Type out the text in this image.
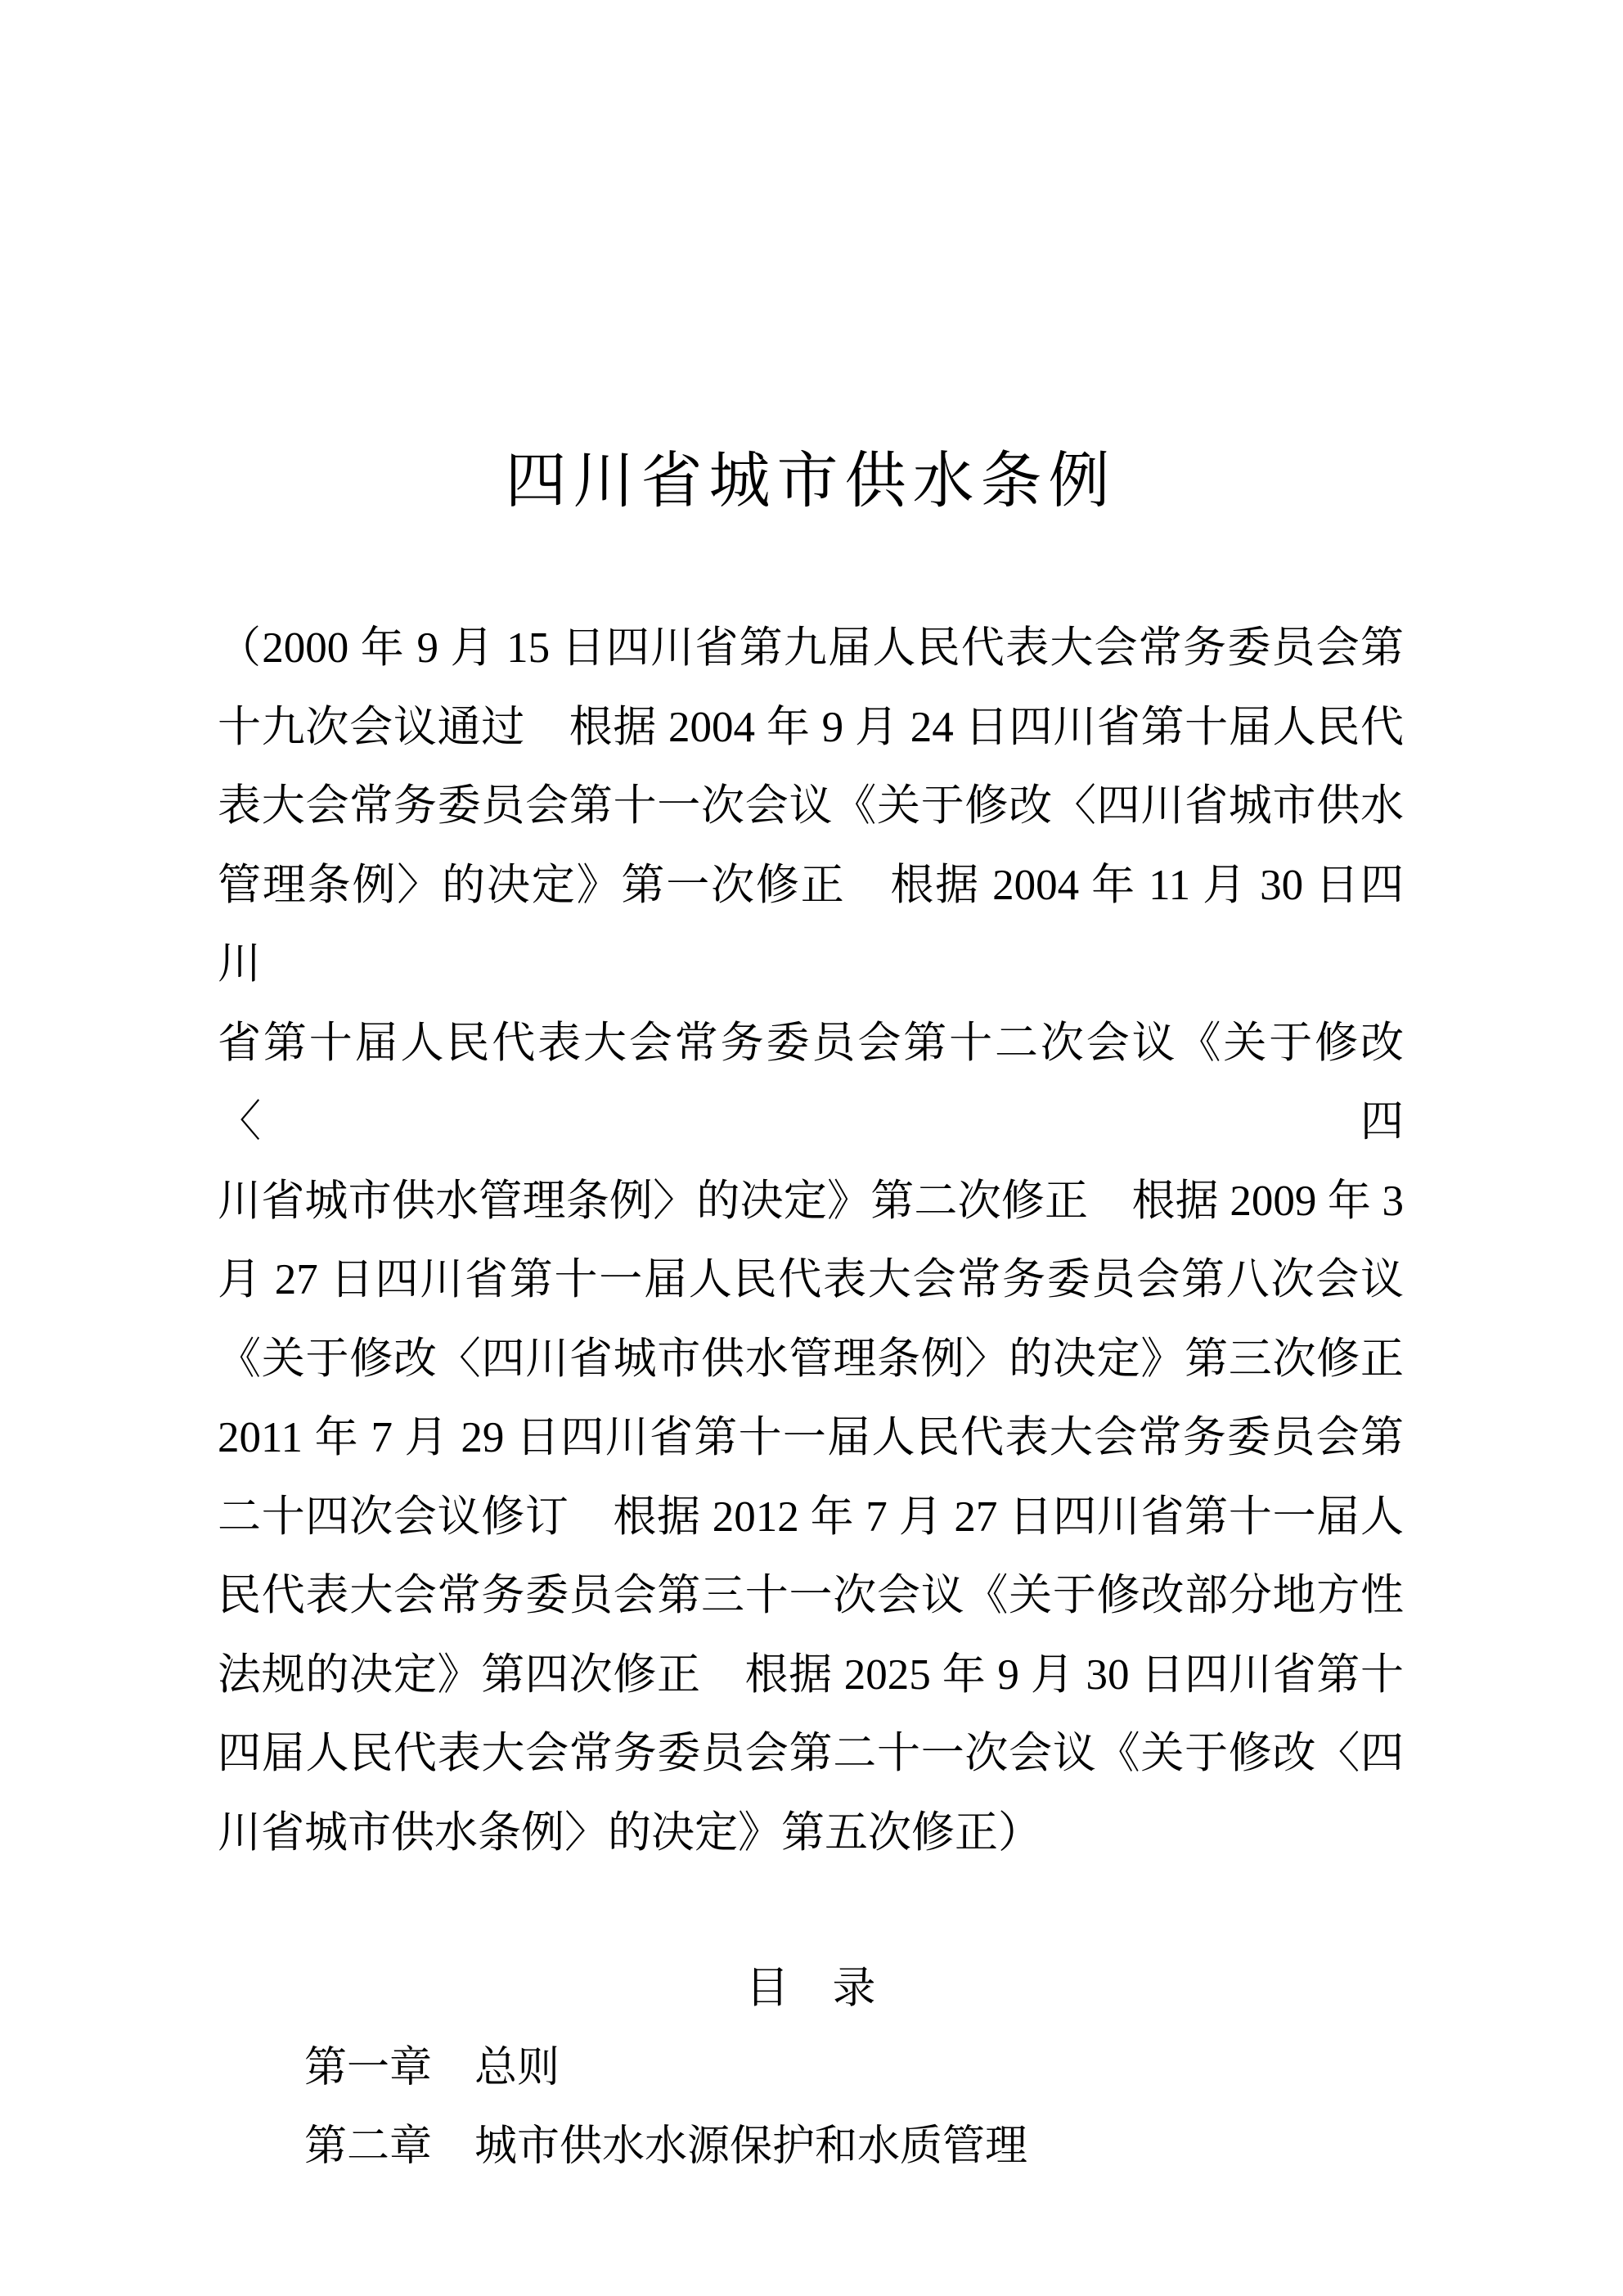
四川省城市供水条例
（2000 年 9 月 15 日四川省第九届人民代表大会常务委员会第
十九次会议通过　根据 2004 年 9 月 24 日四川省第十届人民代
表大会常务委员会第十一次会议《关于修改〈四川省城市供水
管理条例〉的决定》第一次修正　根据 2004 年 11 月 30 日四川
省第十届人民代表大会常务委员会第十二次会议《关于修改〈四
川省城市供水管理条例〉的决定》第二次修正　根据 2009 年 3
月 27 日四川省第十一届人民代表大会常务委员会第八次会议
《关于修改〈四川省城市供水管理条例〉的决定》第三次修正
2011 年 7 月 29 日四川省第十一届人民代表大会常务委员会第
二十四次会议修订　根据 2012 年 7 月 27 日四川省第十一届人
民代表大会常务委员会第三十一次会议《关于修改部分地方性
法规的决定》第四次修正　根据 2025 年 9 月 30 日四川省第十
四届人民代表大会常务委员会第二十一次会议《关于修改〈四
川省城市供水条例〉的决定》第五次修正）
目　录
第一章 总则
第二章 城市供水水源保护和水质管理
